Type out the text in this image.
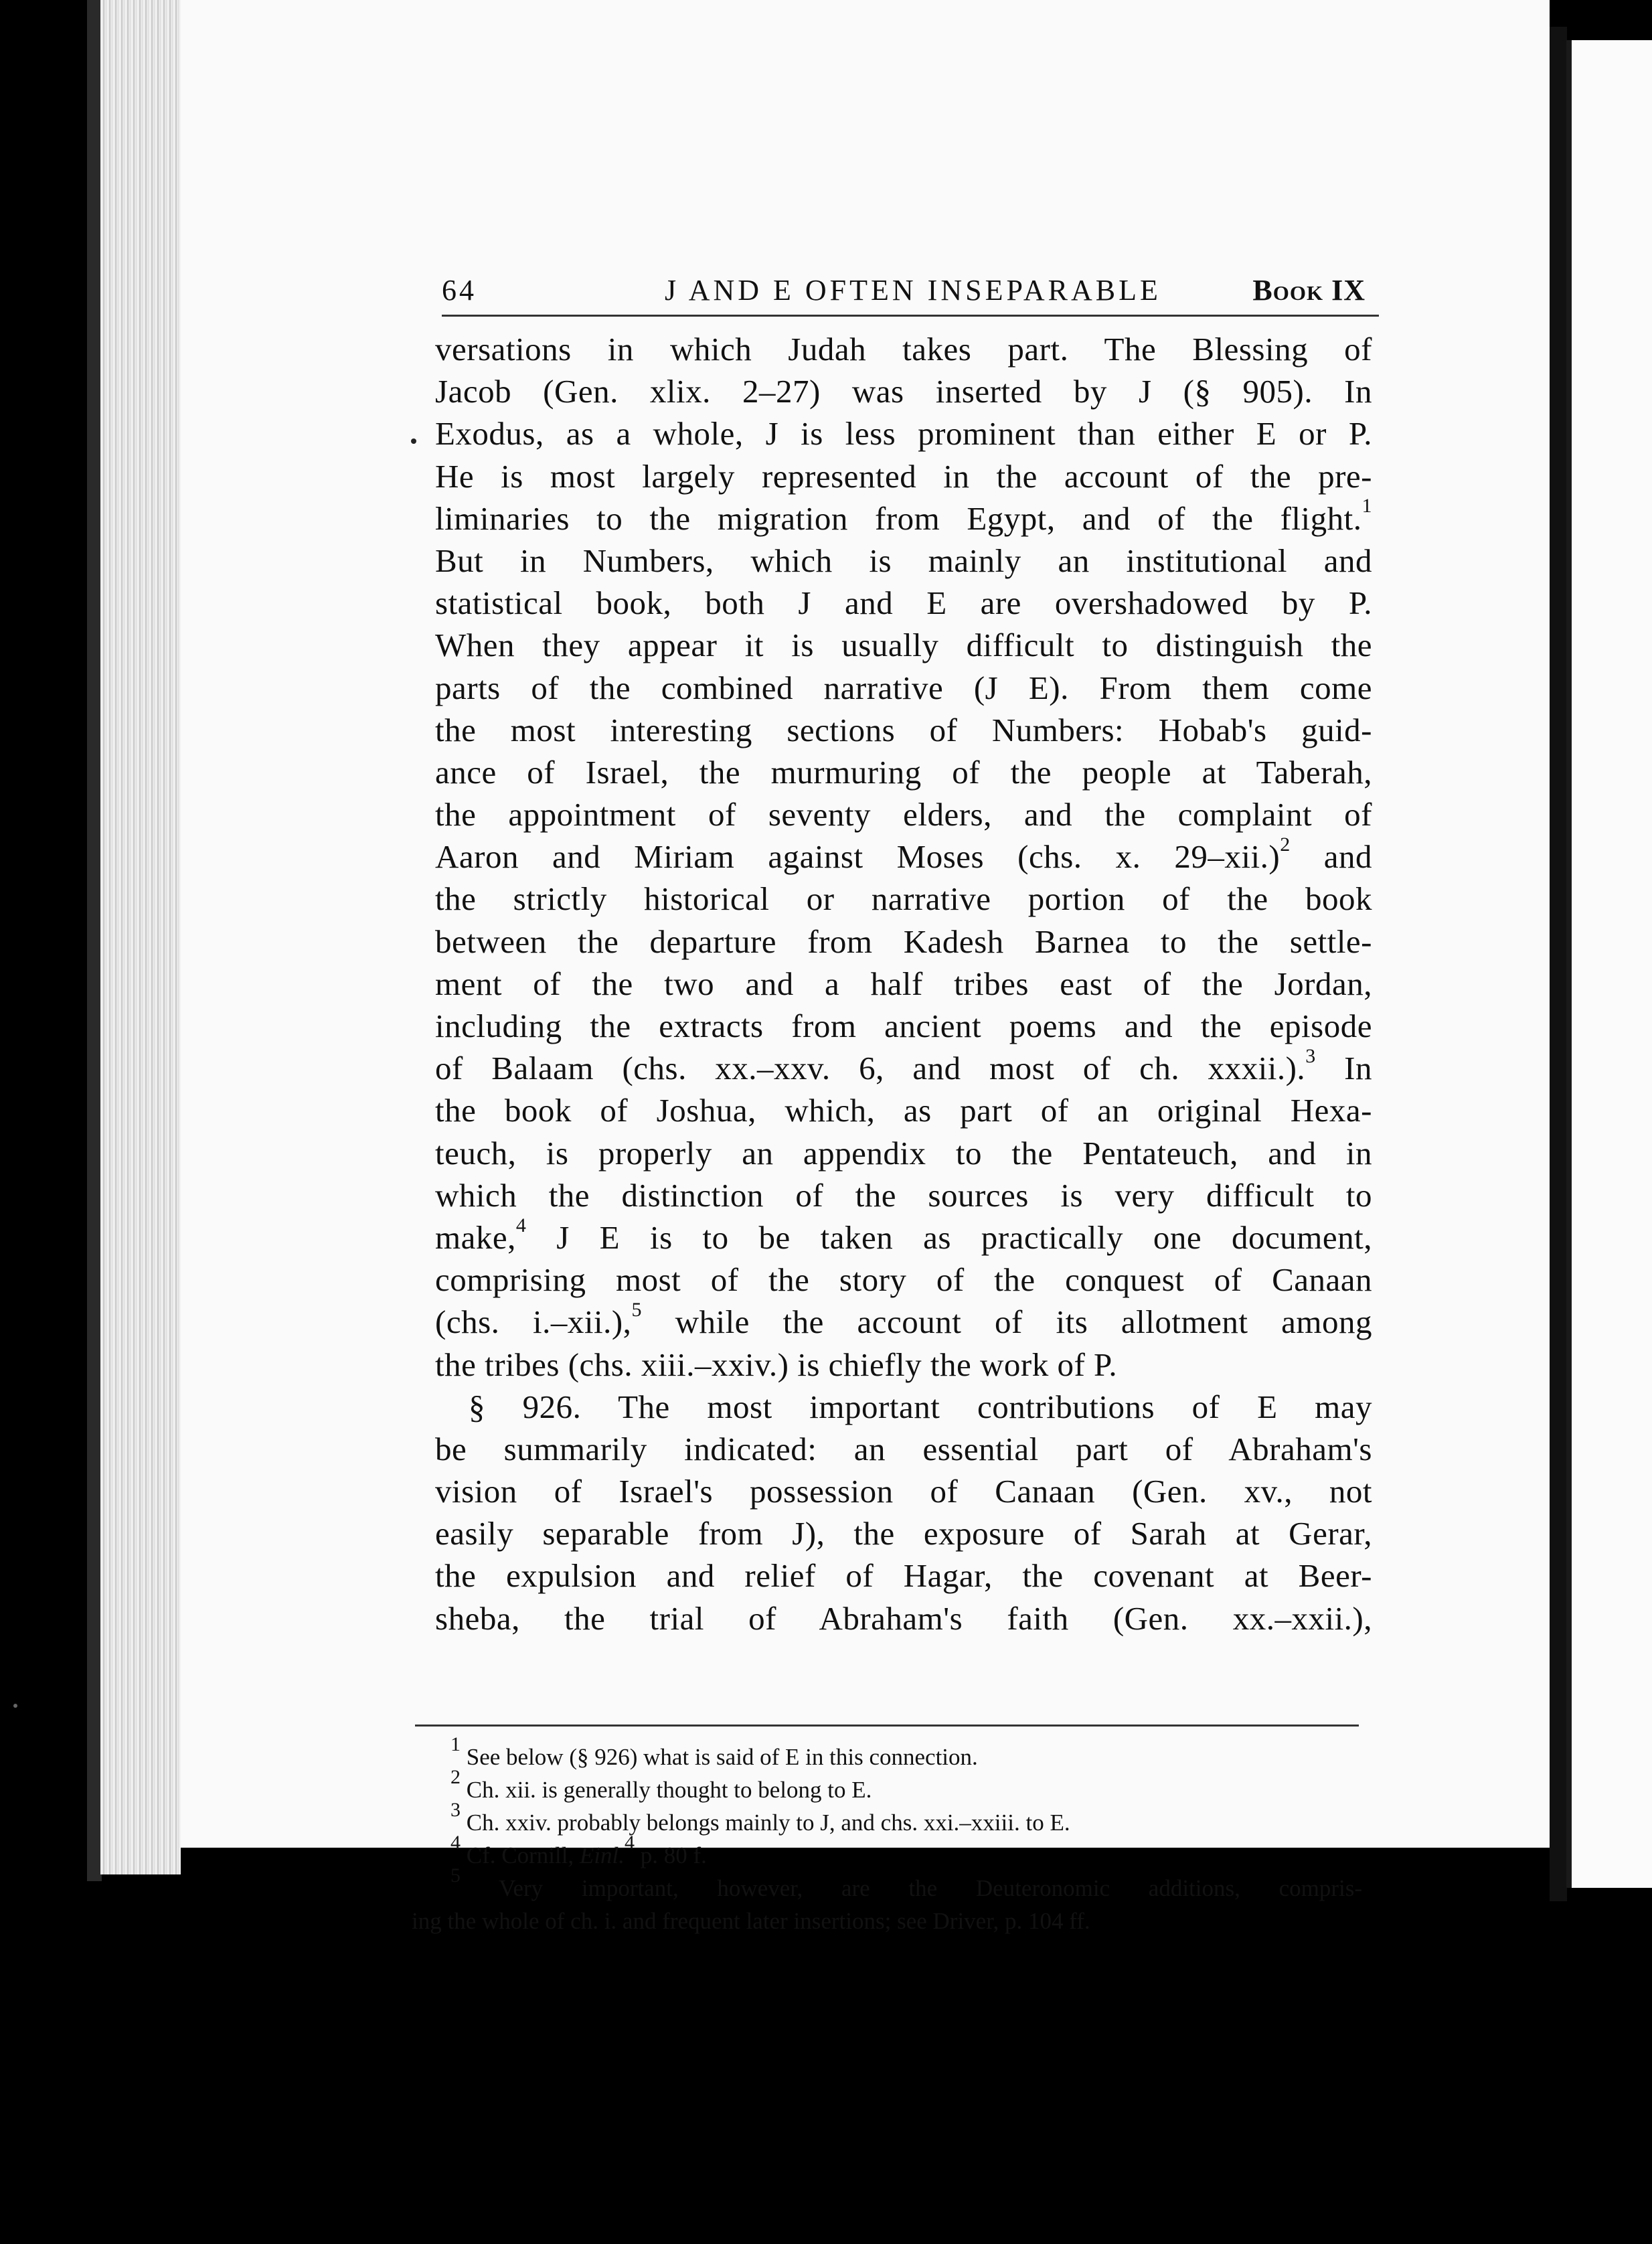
64	J AND E OFTEN INSEPARABLE	Book IX
versations in which Judah takes part. The Blessing of
Jacob (Gen. xlix. 2–27) was inserted by J (§ 905). In
Exodus, as a whole, J is less prominent than either E or P.
He is most largely represented in the account of the pre-
liminaries to the migration from Egypt, and of the flight.$^1$
But in Numbers, which is mainly an institutional and
statistical book, both J and E are overshadowed by P.
When they appear it is usually difficult to distinguish the
parts of the combined narrative (J E). From them come
the most interesting sections of Numbers: Hobab's guid-
ance of Israel, the murmuring of the people at Taberah,
the appointment of seventy elders, and the complaint of
Aaron and Miriam against Moses (chs. x. 29–xii.)$^2$ and
the strictly historical or narrative portion of the book
between the departure from Kadesh Barnea to the settle-
ment of the two and a half tribes east of the Jordan,
including the extracts from ancient poems and the episode
of Balaam (chs. xx.–xxv. 6, and most of ch. xxxii.).$^3$ In
the book of Joshua, which, as part of an original Hexa-
teuch, is properly an appendix to the Pentateuch, and in
which the distinction of the sources is very difficult to
make,$^4$ J E is to be taken as practically one document,
comprising most of the story of the conquest of Canaan
(chs. i.–xii.),$^5$ while the account of its allotment among
the tribes (chs. xiii.–xxiv.) is chiefly the work of P.
§ 926. The most important contributions of E may
be summarily indicated: an essential part of Abraham's
vision of Israel's possession of Canaan (Gen. xv., not
easily separable from J), the exposure of Sarah at Gerar,
the expulsion and relief of Hagar, the covenant at Beer-
sheba, the trial of Abraham's faith (Gen. xx.–xxii.),
$^1$ See below (§ 926) what is said of E in this connection.
$^2$ Ch. xii. is generally thought to belong to E.
$^3$ Ch. xxiv. probably belongs mainly to J, and chs. xxi.–xxiii. to E.
$^4$ Cf. Cornill, Einl.$^4$ p. 80 f.
$^5$ Very important, however, are the Deuteronomic additions, compris-
ing the whole of ch. i. and frequent later insertions; see Driver, p. 104 ff.
